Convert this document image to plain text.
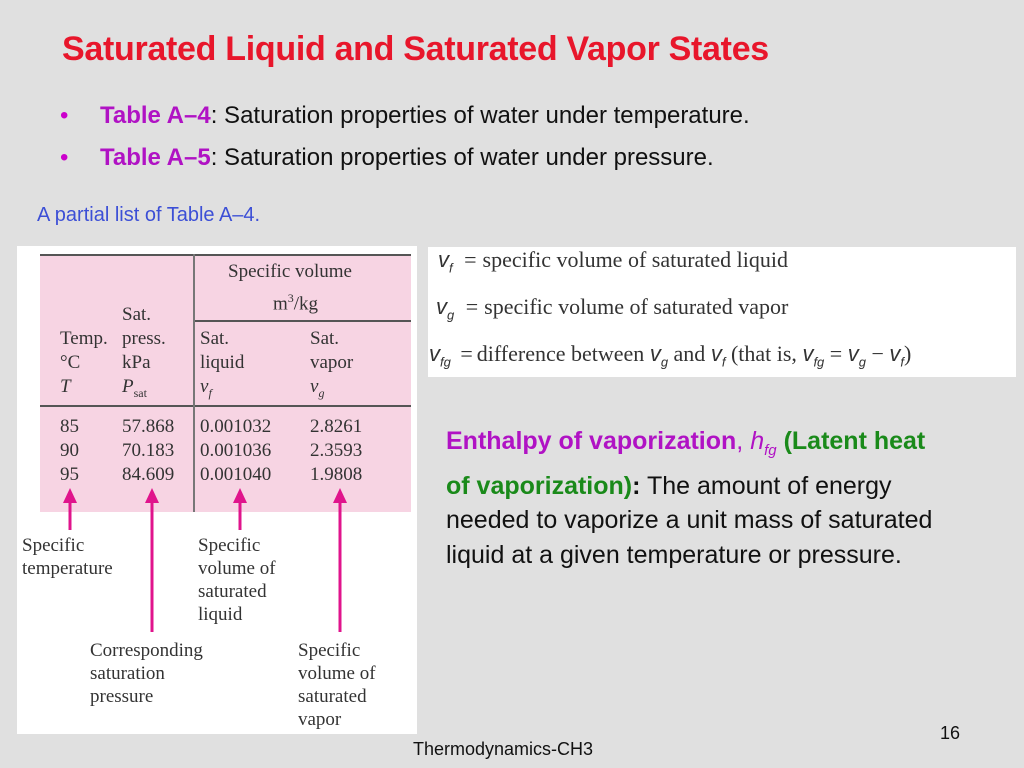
Saturated Liquid and Saturated Vapor States
• Table A–4: Saturation properties of water under temperature.
• Table A–5: Saturation properties of water under pressure.
A partial list of Table A–4.
Specific volume
$m^3/kg$
Temp.
°C
T
Sat.
press.
kPa
$P_{sat}$
Sat.
liquid
$v_f$
Sat.
vapor
$v_g$
85
90
95
57.868
70.183
84.609
0.001032
0.001036
0.001040
2.8261
2.3593
1.9808
Specific
temperature
Specific
volume of
saturated
liquid
Corresponding
saturation
pressure
Specific
volume of
saturated
vapor
$v_f$ = specific volume of saturated liquid
$v_g$ = specific volume of saturated vapor
$v_{fg}$ = difference between $v_g$ and $v_f$ (that is, $v_{fg} = v_g - v_f$)
Enthalpy of vaporization, $h_{fg}$ (Latent heat of vaporization): The amount of energy needed to vaporize a unit mass of saturated liquid at a given temperature or pressure.
16
Thermodynamics-CH3
